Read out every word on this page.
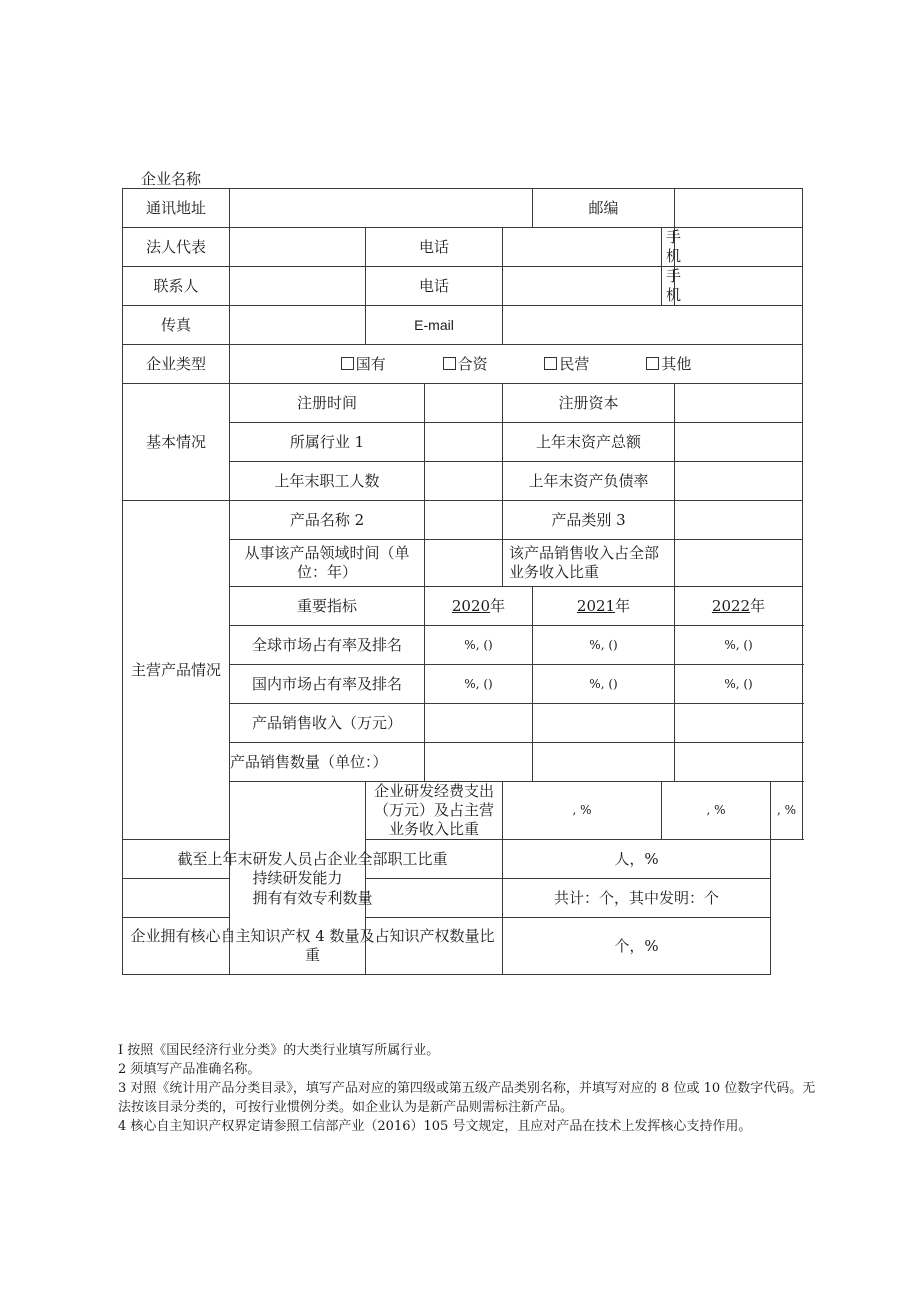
企业名称
通讯地址					邮编			
法人代表		电话				手机		
联系人		电话				手机		
传真		E-mail						
企业类型	国有 合资 民营 其他							
基本情况	注册时间			注册资本				
	所属行业 1			上年末资产总额				
	上年末职工人数			上年末资产负债率				
主营产品情况	产品名称 2			产品类别 3				
	从事该产品领域时间（单位：年）			该产品销售收入占全部业务收入比重				
	重要指标		2020年		2021年		2022年	
	全球市场占有率及排名		%, ()		%, ()		%, ()	
	国内市场占有率及排名		%, ()		%, ()		%, ()	
	产品销售收入（万元）							
	产品销售数量（单位：）							
	持续研发能力	企业研发经费支出（万元）及占主营业务收入比重		, %		, %		, %
截至上年末研发人员占企业全部职工比重				人，%				
拥有有效专利数量				共计：个，其中发明：个				
企业拥有核心自主知识产权 4 数量及占知识产权数量比重				个，%				
I 按照《国民经济行业分类》的大类行业填写所属行业。
2 须填写产品准确名称。
3 对照《统计用产品分类目录》，填写产品对应的第四级或第五级产品类别名称，并填写对应的 8 位或 10 位数字代码。无法按该目录分类的，可按行业惯例分类。如企业认为是新产品则需标注新产品。
4 核心自主知识产权界定请参照工信部产业（2016）105 号文规定，且应对产品在技术上发挥核心支持作用。
